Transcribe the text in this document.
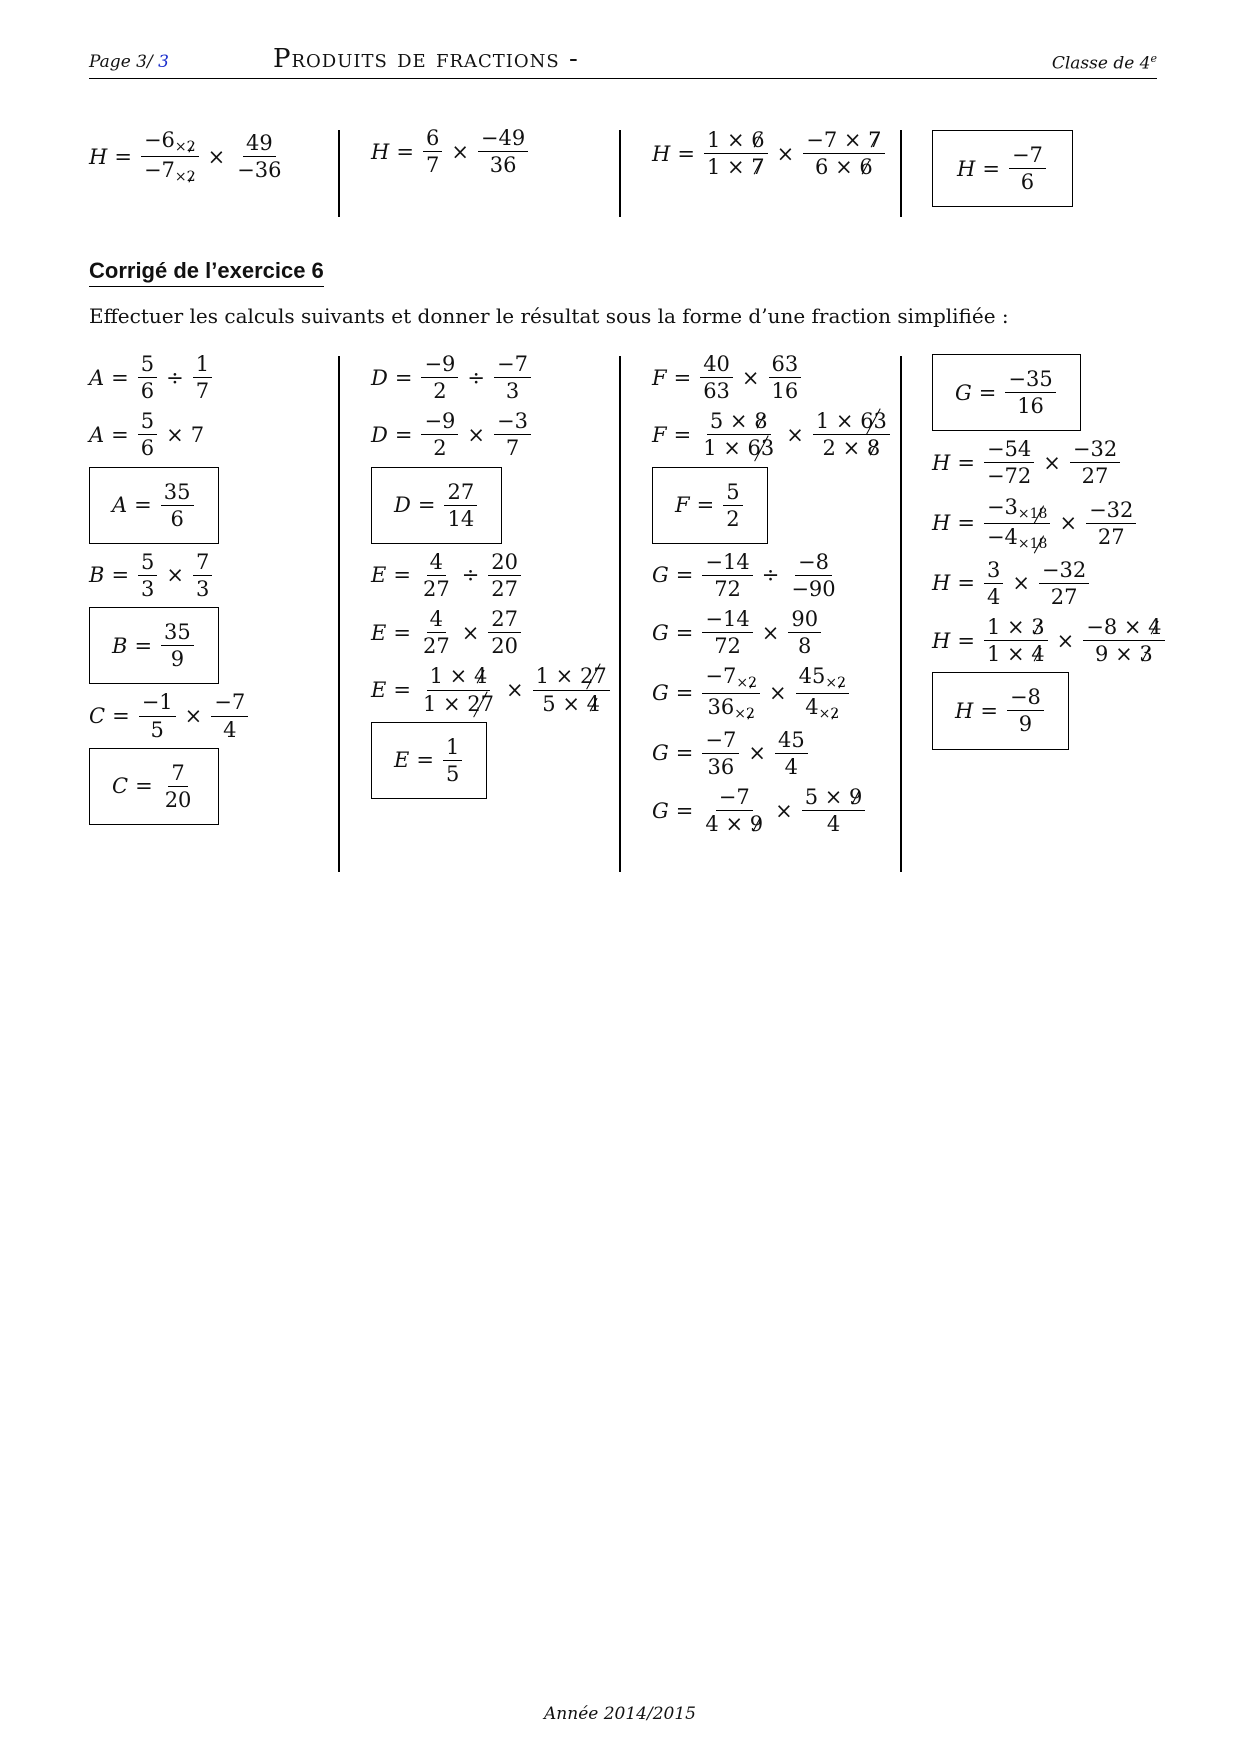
Page 3/ 3	Produits de fractions -	Classe de 4e
$H = \frac{-6_{\times 2}}{-7_{\times 2}} \times \frac{49}{-36}$	$H = \frac{6}{7} \times \frac{-49}{36}$	$H = \frac{1 \times 6}{1 \times 7} \times \frac{-7 \times 7}{6 \times 6}$	$H = \frac{-7}{6}$
Corrigé de l’exercice 6
Effectuer les calculs suivants et donner le résultat sous la forme d’une fraction simplifiée :
$A = \frac{5}{6} \div \frac{1}{7}$
$A = \frac{5}{6} \times 7$
$A = \frac{35}{6}$
$B = \frac{5}{3} \times \frac{7}{3}$
$B = \frac{35}{9}$
$C = \frac{-1}{5} \times \frac{-7}{4}$
$C = \frac{7}{20}$
$D = \frac{-9}{2} \div \frac{-7}{3}$
$D = \frac{-9}{2} \times \frac{-3}{7}$
$D = \frac{27}{14}$
$E = \frac{4}{27} \div \frac{20}{27}$
$E = \frac{4}{27} \times \frac{27}{20}$
$E = \frac{1 \times 4}{1 \times 27} \times \frac{1 \times 27}{5 \times 4}$
$E = \frac{1}{5}$
$F = \frac{40}{63} \times \frac{63}{16}$
$F = \frac{5 \times 8}{1 \times 63} \times \frac{1 \times 63}{2 \times 8}$
$F = \frac{5}{2}$
$G = \frac{-14}{72} \div \frac{-8}{-90}$
$G = \frac{-14}{72} \times \frac{90}{8}$
$G = \frac{-7_{\times 2}}{36_{\times 2}} \times \frac{45_{\times 2}}{4_{\times 2}}$
$G = \frac{-7}{36} \times \frac{45}{4}$
$G = \frac{-7}{4 \times 9} \times \frac{5 \times 9}{4}$
$G = \frac{-35}{16}$
$H = \frac{-54}{-72} \times \frac{-32}{27}$
$H = \frac{-3_{\times 18}}{-4_{\times 18}} \times \frac{-32}{27}$
$H = \frac{3}{4} \times \frac{-32}{27}$
$H = \frac{1 \times 3}{1 \times 4} \times \frac{-8 \times 4}{9 \times 3}$
$H = \frac{-8}{9}$
Année 2014/2015
